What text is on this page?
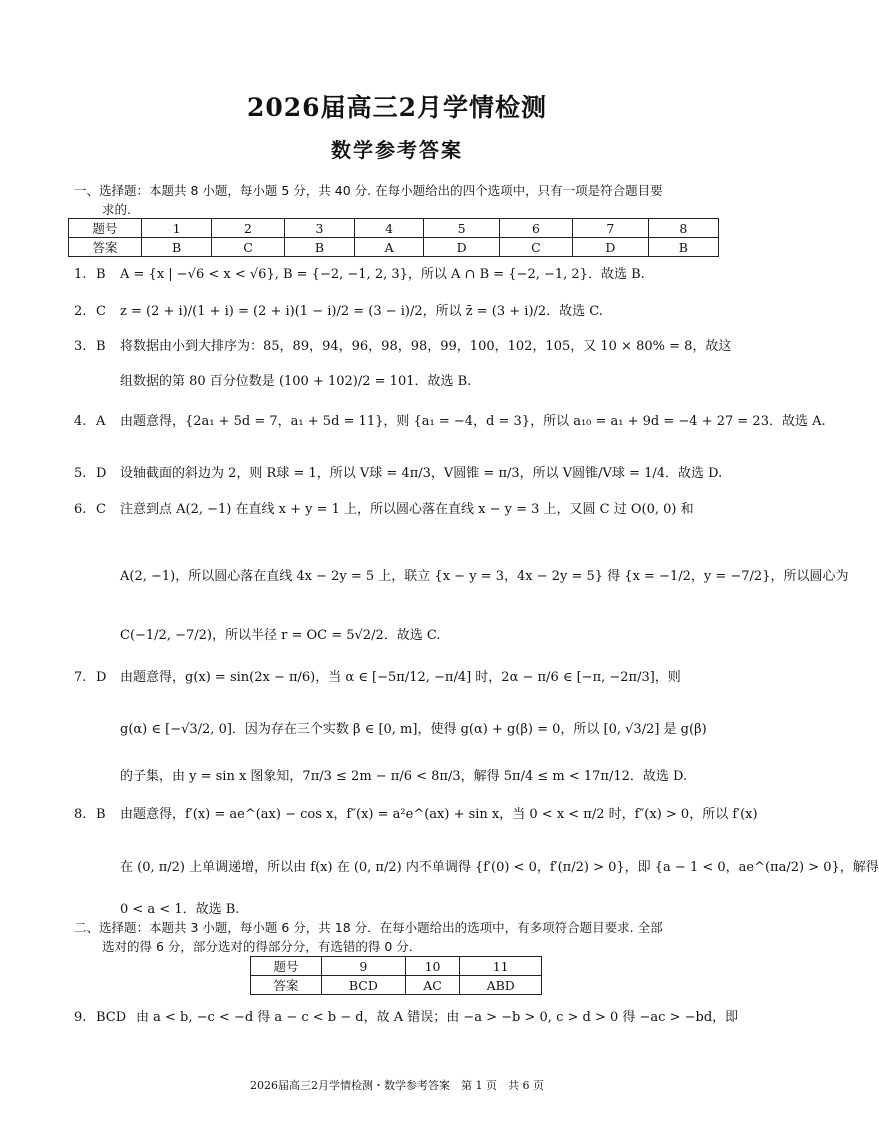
2026届高三2月学情检测
数学参考答案
一、选择题：本题共 8 小题，每小题 5 分，共 40 分. 在每小题给出的四个选项中，只有一项是符合题目要
求的.
题号	1	2	3	4	5	6	7	8
答案	B	C	B	A	D	C	D	B
1. B A = {x | −√6 < x < √6}, B = {−2, −1, 2, 3}，所以 A ∩ B = {−2, −1, 2}．故选 B.
2. C z = (2 + i)/(1 + i) = (2 + i)(1 − i)/2 = (3 − i)/2，所以 z̄ = (3 + i)/2．故选 C.
3. B 将数据由小到大排序为：85，89，94，96，98，98，99，100，102，105，又 10 × 80% = 8，故这
组数据的第 80 百分位数是 (100 + 102)/2 = 101．故选 B.
4. A 由题意得，{2a₁ + 5d = 7，a₁ + 5d = 11}，则 {a₁ = −4，d = 3}，所以 a₁₀ = a₁ + 9d = −4 + 27 = 23．故选 A.
5. D 设轴截面的斜边为 2，则 R球 = 1，所以 V球 = 4π/3，V圆锥 = π/3，所以 V圆锥/V球 = 1/4．故选 D.
6. C 注意到点 A(2, −1) 在直线 x + y = 1 上，所以圆心落在直线 x − y = 3 上，又圆 C 过 O(0, 0) 和
A(2, −1)，所以圆心落在直线 4x − 2y = 5 上，联立 {x − y = 3，4x − 2y = 5} 得 {x = −1/2，y = −7/2}，所以圆心为
C(−1/2, −7/2)，所以半径 r = OC = 5√2/2．故选 C.
7. D 由题意得，g(x) = sin(2x − π/6)，当 α ∈ [−5π/12, −π/4] 时，2α − π/6 ∈ [−π, −2π/3]，则
g(α) ∈ [−√3/2, 0]．因为存在三个实数 β ∈ [0, m]，使得 g(α) + g(β) = 0，所以 [0, √3/2] 是 g(β)
的子集，由 y = sin x 图象知，7π/3 ≤ 2m − π/6 < 8π/3，解得 5π/4 ≤ m < 17π/12．故选 D.
8. B 由题意得，f′(x) = ae^(ax) − cos x，f″(x) = a²e^(ax) + sin x，当 0 < x < π/2 时，f″(x) > 0，所以 f′(x)
在 (0, π/2) 上单调递增，所以由 f(x) 在 (0, π/2) 内不单调得 {f′(0) < 0，f′(π/2) > 0}，即 {a − 1 < 0，ae^(πa/2) > 0}，解得
0 < a < 1．故选 B.
二、选择题：本题共 3 小题，每小题 6 分，共 18 分．在每小题给出的选项中，有多项符合题目要求. 全部
选对的得 6 分，部分选对的得部分分，有选错的得 0 分.
题号	9	10	11
答案	BCD	AC	ABD
9. BCD 由 a < b, −c < −d 得 a − c < b − d，故 A 错误；由 −a > −b > 0, c > d > 0 得 −ac > −bd，即
2026届高三2月学情检测・数学参考答案　第 1 页　共 6 页
